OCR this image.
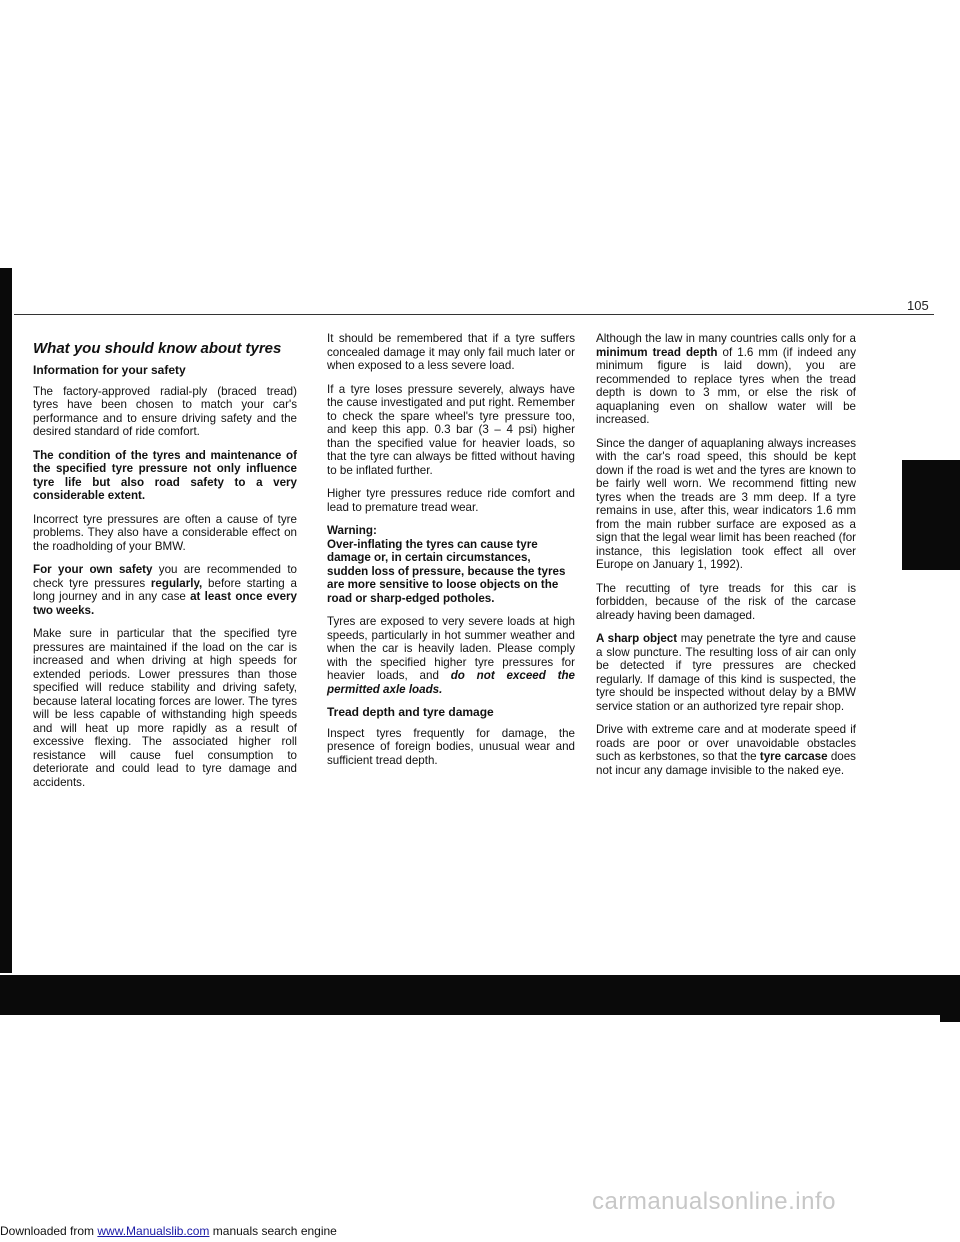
105
What you should know about tyres
Information for your safety

The factory-approved radial-ply (braced tread) tyres have been chosen to match your car's performance and to ensure driving safety and the desired standard of ride comfort.

The condition of the tyres and maintenance of the specified tyre pressure not only influence tyre life but also road safety to a very considerable extent.

Incorrect tyre pressures are often a cause of tyre problems. They also have a considerable effect on the roadholding of your BMW.

For your own safety you are recommended to check tyre pressures regularly, before starting a long journey and in any case at least once every two weeks.

Make sure in particular that the specified tyre pressures are maintained if the load on the car is increased and when driving at high speeds for extended periods. Lower pressures than those specified will reduce stability and driving safety, because lateral locating forces are lower. The tyres will be less capable of withstanding high speeds and will heat up more rapidly as a result of excessive flexing. The associated higher roll resistance will cause fuel consumption to deteriorate and could lead to tyre damage and accidents.

It should be remembered that if a tyre suffers concealed damage it may only fail much later or when exposed to a less severe load.

If a tyre loses pressure severely, always have the cause investigated and put right. Remember to check the spare wheel's tyre pressure too, and keep this app. 0.3 bar (3 – 4 psi) higher than the specified value for heavier loads, so that the tyre can always be fitted without having to be inflated further.

Higher tyre pressures reduce ride comfort and lead to premature tread wear.

Warning:
Over-inflating the tyres can cause tyre damage or, in certain circumstances, sudden loss of pressure, because the tyres are more sensitive to loose objects on the road or sharp-edged potholes.

Tyres are exposed to very severe loads at high speeds, particularly in hot summer weather and when the car is heavily laden. Please comply with the specified higher tyre pressures for heavier loads, and do not exceed the permitted axle loads.

Tread depth and tyre damage

Inspect tyres frequently for damage, the presence of foreign bodies, unusual wear and sufficient tread depth.

Although the law in many countries calls only for a minimum tread depth of 1.6 mm (if indeed any minimum figure is laid down), you are recommended to replace tyres when the tread depth is down to 3 mm, or else the risk of aquaplaning even on shallow water will be increased.

Since the danger of aquaplaning always increases with the car's road speed, this should be kept down if the road is wet and the tyres are known to be fairly well worn. We recommend fitting new tyres when the treads are 3 mm deep. If a tyre remains in use, after this, wear indicators 1.6 mm from the main rubber surface are exposed as a sign that the legal wear limit has been reached (for instance, this legislation took effect all over Europe on January 1, 1992).

The recutting of tyre treads for this car is forbidden, because of the risk of the carcase already having been damaged.

A sharp object may penetrate the tyre and cause a slow puncture. The resulting loss of air can only be detected if tyre pressures are checked regularly. If damage of this kind is suspected, the tyre should be inspected without delay by a BMW service station or an authorized tyre repair shop.

Drive with extreme care and at moderate speed if roads are poor or over unavoidable obstacles such as kerbstones, so that the tyre carcase does not incur any damage invisible to the naked eye.

carmanualsonline.info
Downloaded from www.Manualslib.com manuals search engine
